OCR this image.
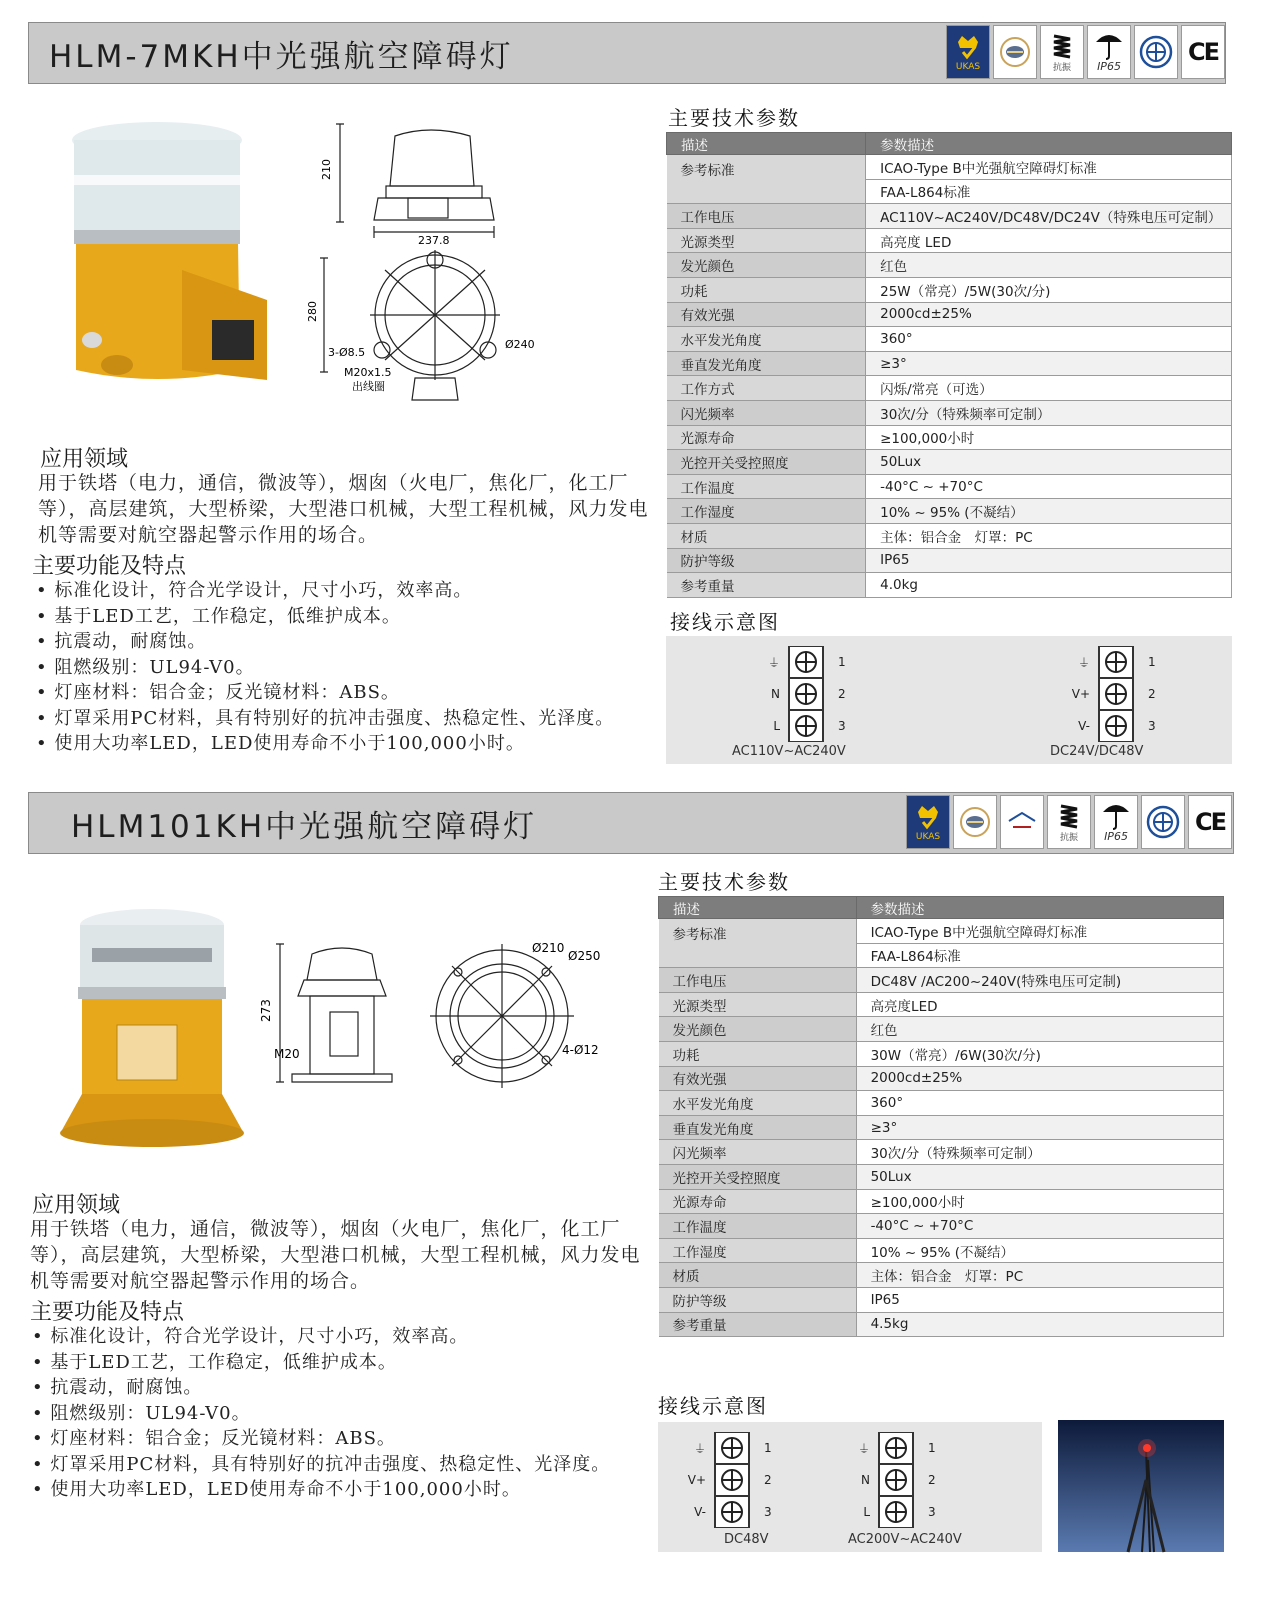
HLM-7MKH中光强航空障碍灯	UKAS	抗振 IP65	CE
210
237.8
280
3-Ø8.5
Ø240
M20x1.5
出线圈
应用领域
用于铁塔（电力，通信，微波等），烟囱（火电厂，焦化厂，化工厂等），高层建筑，大型桥梁，大型港口机械，大型工程机械，风力发电机等需要对航空器起警示作用的场合。
主要功能及特点
• 标准化设计，符合光学设计，尺寸小巧，效率高。
• 基于LED工艺，工作稳定，低维护成本。
• 抗震动，耐腐蚀。
• 阻燃级别：UL94-V0。
• 灯座材料：铝合金；反光镜材料：ABS。
• 灯罩采用PC材料，具有特别好的抗冲击强度、热稳定性、光泽度。
• 使用大功率LED，LED使用寿命不小于100,000小时。
主要技术参数
描述	参数描述
参考标准	ICAO-Type B中光强航空障碍灯标准
	FAA-L864标准
工作电压	AC110V~AC240V/DC48V/DC24V（特殊电压可定制）
光源类型	高亮度 LED
发光颜色	红色
功耗	25W（常亮）/5W(30次/分)
有效光强	2000cd±25%
水平发光角度	360°
垂直发光角度	≥3°
工作方式	闪烁/常亮（可选）
闪光频率	30次/分（特殊频率可定制）
光源寿命	≥100,000小时
光控开关受控照度	50Lux
工作温度	-40°C ~ +70°C
工作湿度	10% ~ 95% (不凝结）
材质	主体：铝合金　灯罩：PC
防护等级	IP65
参考重量	4.0kg
接线示意图
⏚	1
N	2
L	3
AC110V~AC240V
⏚	1
V+	2
V-	3
DC24V/DC48V
HLM101KH中光强航空障碍灯	UKAS	抗振 IP65	CE
Ø210
Ø250
273
M20	4-Ø12
应用领域
用于铁塔（电力，通信，微波等），烟囱（火电厂，焦化厂，化工厂等），高层建筑，大型桥梁，大型港口机械，大型工程机械，风力发电机等需要对航空器起警示作用的场合。
主要功能及特点
• 标准化设计，符合光学设计，尺寸小巧，效率高。
• 基于LED工艺，工作稳定，低维护成本。
• 抗震动，耐腐蚀。
• 阻燃级别：UL94-V0。
• 灯座材料：铝合金；反光镜材料：ABS。
• 灯罩采用PC材料，具有特别好的抗冲击强度、热稳定性、光泽度。
• 使用大功率LED，LED使用寿命不小于100,000小时。
主要技术参数
描述	参数描述
参考标准	ICAO-Type B中光强航空障碍灯标准
	FAA-L864标准
工作电压	DC48V /AC200~240V(特殊电压可定制)
光源类型	高亮度LED
发光颜色	红色
功耗	30W（常亮）/6W(30次/分)
有效光强	2000cd±25%
水平发光角度	360°
垂直发光角度	≥3°
闪光频率	30次/分（特殊频率可定制）
光控开关受控照度	50Lux
光源寿命	≥100,000小时
工作温度	-40°C ~ +70°C
工作湿度	10% ~ 95% (不凝结）
材质	主体：铝合金　灯罩：PC
防护等级	IP65
参考重量	4.5kg
接线示意图
⏚	1
V+	2
V-	3
DC48V
⏚	1
N	2
L	3
AC200V~AC240V
